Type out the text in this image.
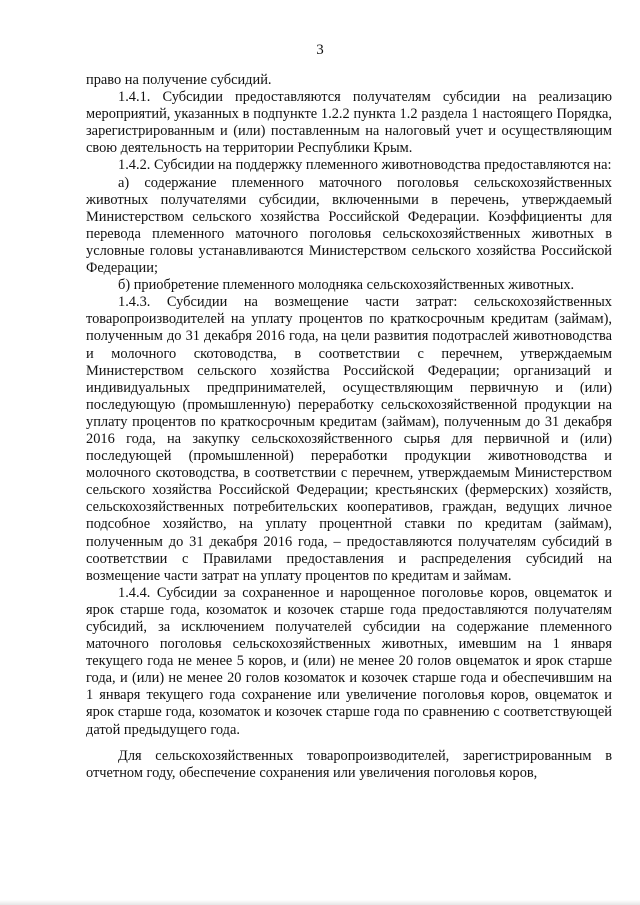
3

право на получение субсидий.

1.4.1. Субсидии предоставляются получателям субсидии на реализацию мероприятий, указанных в подпункте 1.2.2 пункта 1.2 раздела 1 настоящего Порядка, зарегистрированным и (или) поставленным на налоговый учет и осуществляющим свою деятельность на территории Республики Крым.

1.4.2. Субсидии на поддержку племенного животноводства предоставляются на:

а) содержание племенного маточного поголовья сельскохозяйственных животных получателями субсидии, включенными в перечень, утверждаемый Министерством сельского хозяйства Российской Федерации. Коэффициенты для перевода племенного маточного поголовья сельскохозяйственных животных в условные головы устанавливаются Министерством сельского хозяйства Российской Федерации;

б) приобретение племенного молодняка сельскохозяйственных животных.

1.4.3. Субсидии на возмещение части затрат: сельскохозяйственных товаропроизводителей на уплату процентов по краткосрочным кредитам (займам), полученным до 31 декабря 2016 года, на цели развития подотраслей животноводства и молочного скотоводства, в соответствии с перечнем, утверждаемым Министерством сельского хозяйства Российской Федерации; организаций и индивидуальных предпринимателей, осуществляющим первичную и (или) последующую (промышленную) переработку сельскохозяйственной продукции на уплату процентов по краткосрочным кредитам (займам), полученным до 31 декабря 2016 года, на закупку сельскохозяйственного сырья для первичной и (или) последующей (промышленной) переработки продукции животноводства и молочного скотоводства, в соответствии с перечнем, утверждаемым Министерством сельского хозяйства Российской Федерации; крестьянских (фермерских) хозяйств, сельскохозяйственных потребительских кооперативов, граждан, ведущих личное подсобное хозяйство, на уплату процентной ставки по кредитам (займам), полученным до 31 декабря 2016 года, – предоставляются получателям субсидий в соответствии с Правилами предоставления и распределения субсидий на возмещение части затрат на уплату процентов по кредитам и займам.

1.4.4. Субсидии за сохраненное и нарощенное поголовье коров, овцематок и ярок старше года, козоматок и козочек старше года предоставляются получателям субсидий, за исключением получателей субсидии на содержание племенного маточного поголовья сельскохозяйственных животных, имевшим на 1 января текущего года не менее 5 коров, и (или) не менее 20 голов овцематок и ярок старше года, и (или) не менее 20 голов козоматок и козочек старше года и обеспечившим на 1 января текущего года сохранение или увеличение поголовья коров, овцематок и ярок старше года, козоматок и козочек старше года по сравнению с соответствующей датой предыдущего года.

Для сельскохозяйственных товаропроизводителей, зарегистрированным в отчетном году, обеспечение сохранения или увеличения поголовья коров,
